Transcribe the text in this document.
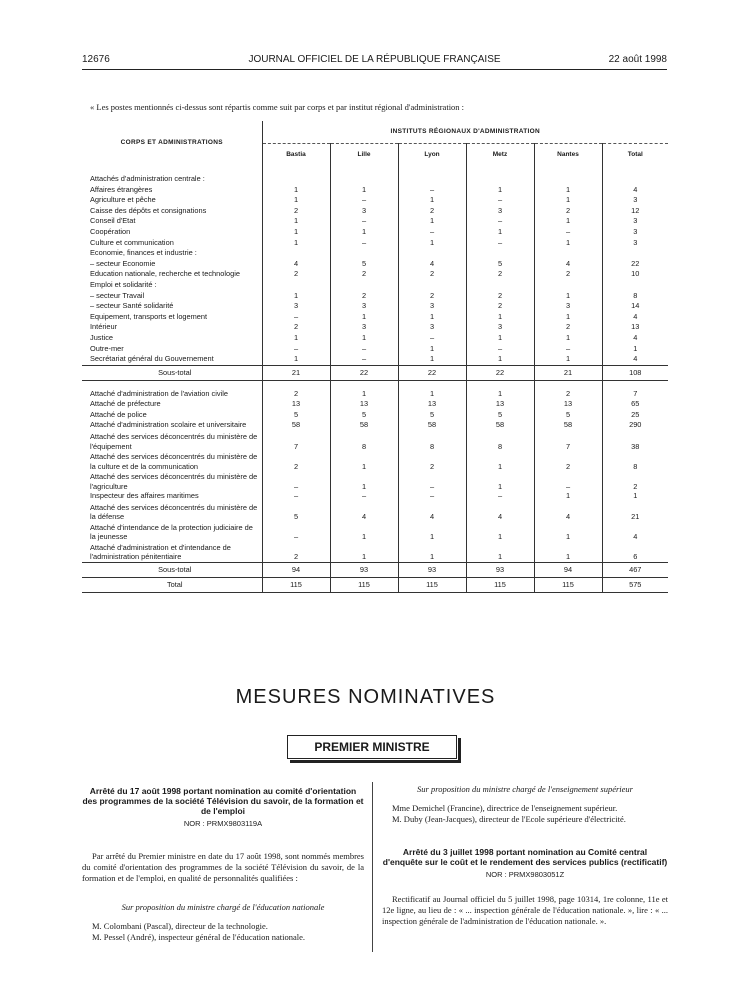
12676	JOURNAL OFFICIEL DE LA RÉPUBLIQUE FRANÇAISE	22 août 1998
« Les postes mentionnés ci-dessus sont répartis comme suit par corps et par institut régional d'administration :
CORPS ET ADMINISTRATIONS	INSTITUTS RÉGIONAUX D'ADMINISTRATION					
	Bastia	Lille	Lyon	Metz	Nantes	Total

Attachés d'administration centrale :						
Affaires étrangères	1	1	–	1	1	4
Agriculture et pêche	1	–	1	–	1	3
Caisse des dépôts et consignations	2	3	2	3	2	12
Conseil d'Etat	1	–	1	–	1	3
Coopération	1	1	–	1	–	3
Culture et communication	1	–	1	–	1	3
Economie, finances et industrie :						
– secteur Economie	4	5	4	5	4	22
Education nationale, recherche et technologie	2	2	2	2	2	10
Emploi et solidarité :						
– secteur Travail	1	2	2	2	1	8
– secteur Santé solidarité	3	3	3	2	3	14
Equipement, transports et logement	–	1	1	1	1	4
Intérieur	2	3	3	3	2	13
Justice	1	1	–	1	1	4
Outre-mer	–	–	1	–	–	1
Secrétariat général du Gouvernement	1	–	1	1	1	4
Sous-total	21	22	22	22	21	108

Attaché d'administration de l'aviation civile	2	1	1	1	2	7
Attaché de préfecture	13	13	13	13	13	65
Attaché de police	5	5	5	5	5	25
Attaché d'administration scolaire et universitaire	58	58	58	58	58	290
Attaché des services déconcentrés du ministère de l'équipement	7	8	8	8	7	38
Attaché des services déconcentrés du ministère de la culture et de la communication	2	1	2	1	2	8
Attaché des services déconcentrés du ministère de l'agriculture	–	1	–	1	–	2
Inspecteur des affaires maritimes	–	–	–	–	1	1
Attaché des services déconcentrés du ministère de la défense	5	4	4	4	4	21
Attaché d'intendance de la protection judiciaire de la jeunesse	–	1	1	1	1	4
Attaché d'administration et d'intendance de l'administration pénitentiaire	2	1	1	1	1	6
Sous-total	94	93	93	93	94	467
Total	115	115	115	115	115	575
MESURES NOMINATIVES
PREMIER MINISTRE
Arrêté du 17 août 1998 portant nomination au comité d'orientation des programmes de la société Télévision du savoir, de la formation et de l'emploi
NOR : PRMX9803119A

Par arrêté du Premier ministre en date du 17 août 1998, sont nommés membres du comité d'orientation des programmes de la société Télévision du savoir, de la formation et de l'emploi, en qualité de personnalités qualifiées :

Sur proposition du ministre chargé de l'éducation nationale

M. Colombani (Pascal), directeur de la technologie.

M. Pessel (André), inspecteur général de l'éducation nationale.

Sur proposition du ministre chargé de l'enseignement supérieur

Mme Demichel (Francine), directrice de l'enseignement supérieur.

M. Duby (Jean-Jacques), directeur de l'Ecole supérieure d'électricité.

Arrêté du 3 juillet 1998 portant nomination au Comité central d'enquête sur le coût et le rendement des services publics (rectificatif)
NOR : PRMX9803051Z

Rectificatif au Journal officiel du 5 juillet 1998, page 10314, 1re colonne, 11e et 12e ligne, au lieu de : « ... inspection générale de l'éducation nationale. », lire : « ... inspection générale de l'administration de l'éducation nationale. ».
